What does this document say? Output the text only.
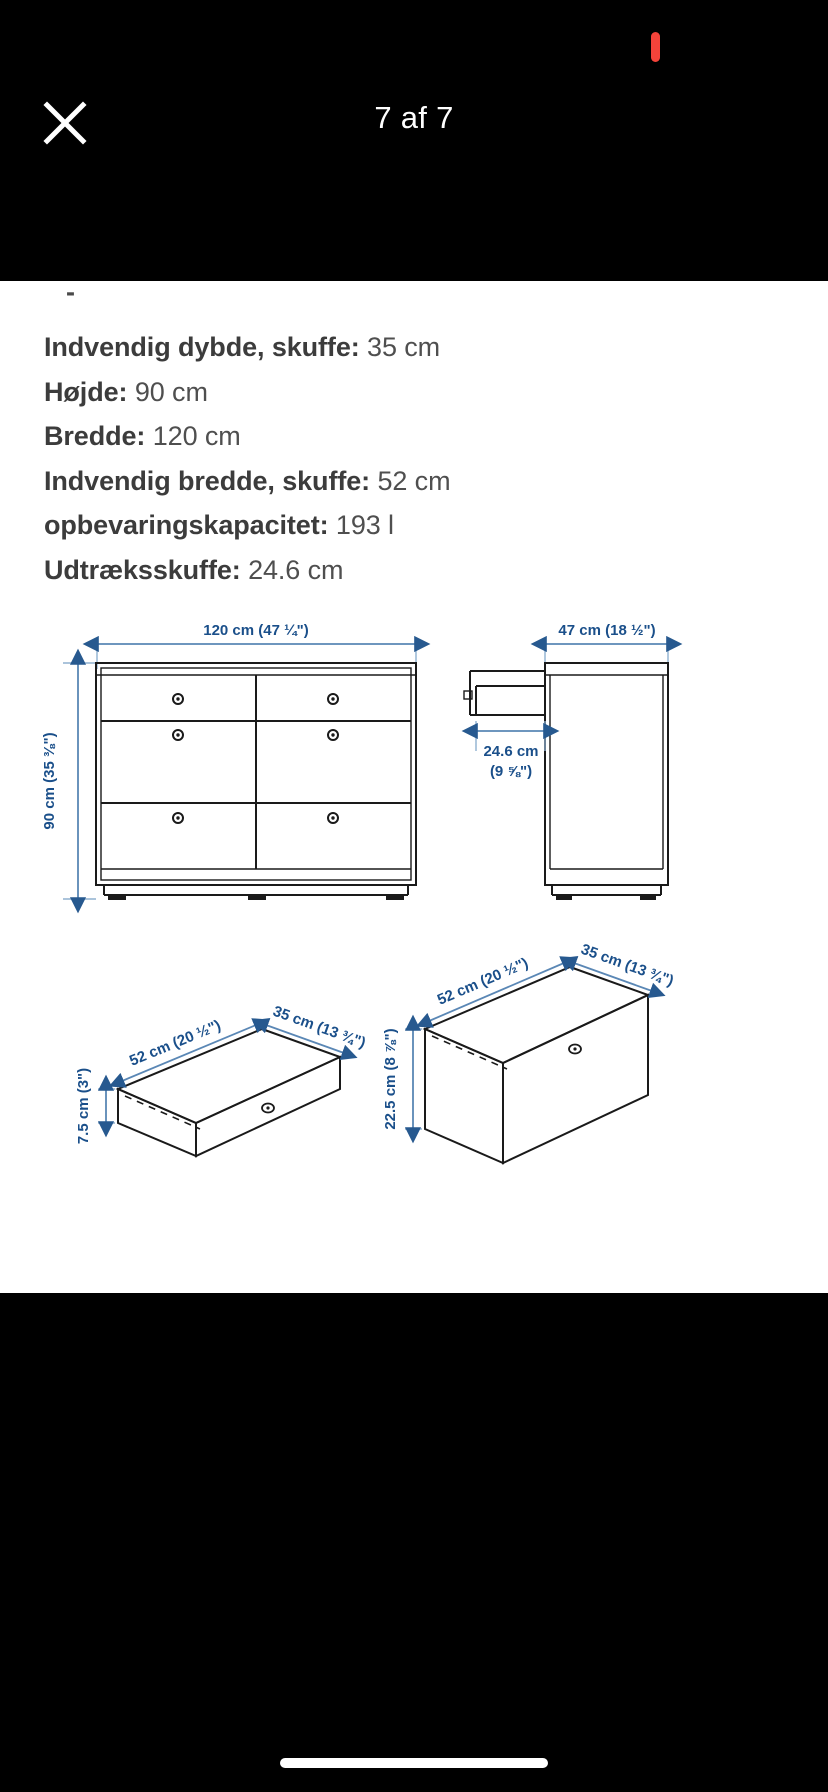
7 af 7
-
Indvendig dybde, skuffe: 35 cm
Højde: 90 cm
Bredde: 120 cm
Indvendig bredde, skuffe: 52 cm
opbevaringskapacitet: 193 l
Udtræksskuffe: 24.6 cm
120 cm (47 ¼")
90 cm (35 ⅜")
47 cm (18 ½")
24.6 cm
(9 ⅝")
52 cm (20 ½")	35 cm (13 ¾")
7.5 cm (3")
52 cm (20 ½")	35 cm (13 ¾")
22.5 cm (8 ⅞")
